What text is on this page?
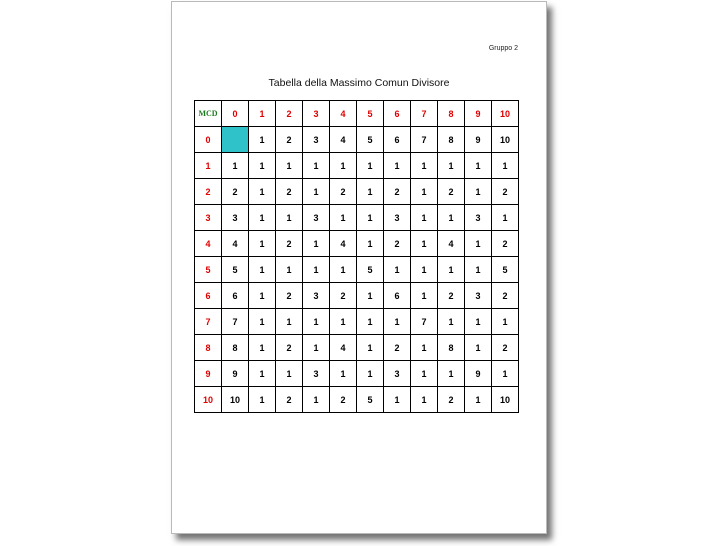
Gruppo 2
Tabella della Massimo Comun Divisore
MCD	0	1	2	3	4	5	6	7	8	9	10
0		1	2	3	4	5	6	7	8	9	10
1	1	1	1	1	1	1	1	1	1	1	1
2	2	1	2	1	2	1	2	1	2	1	2
3	3	1	1	3	1	1	3	1	1	3	1
4	4	1	2	1	4	1	2	1	4	1	2
5	5	1	1	1	1	5	1	1	1	1	5
6	6	1	2	3	2	1	6	1	2	3	2
7	7	1	1	1	1	1	1	7	1	1	1
8	8	1	2	1	4	1	2	1	8	1	2
9	9	1	1	3	1	1	3	1	1	9	1
10	10	1	2	1	2	5	1	1	2	1	10
